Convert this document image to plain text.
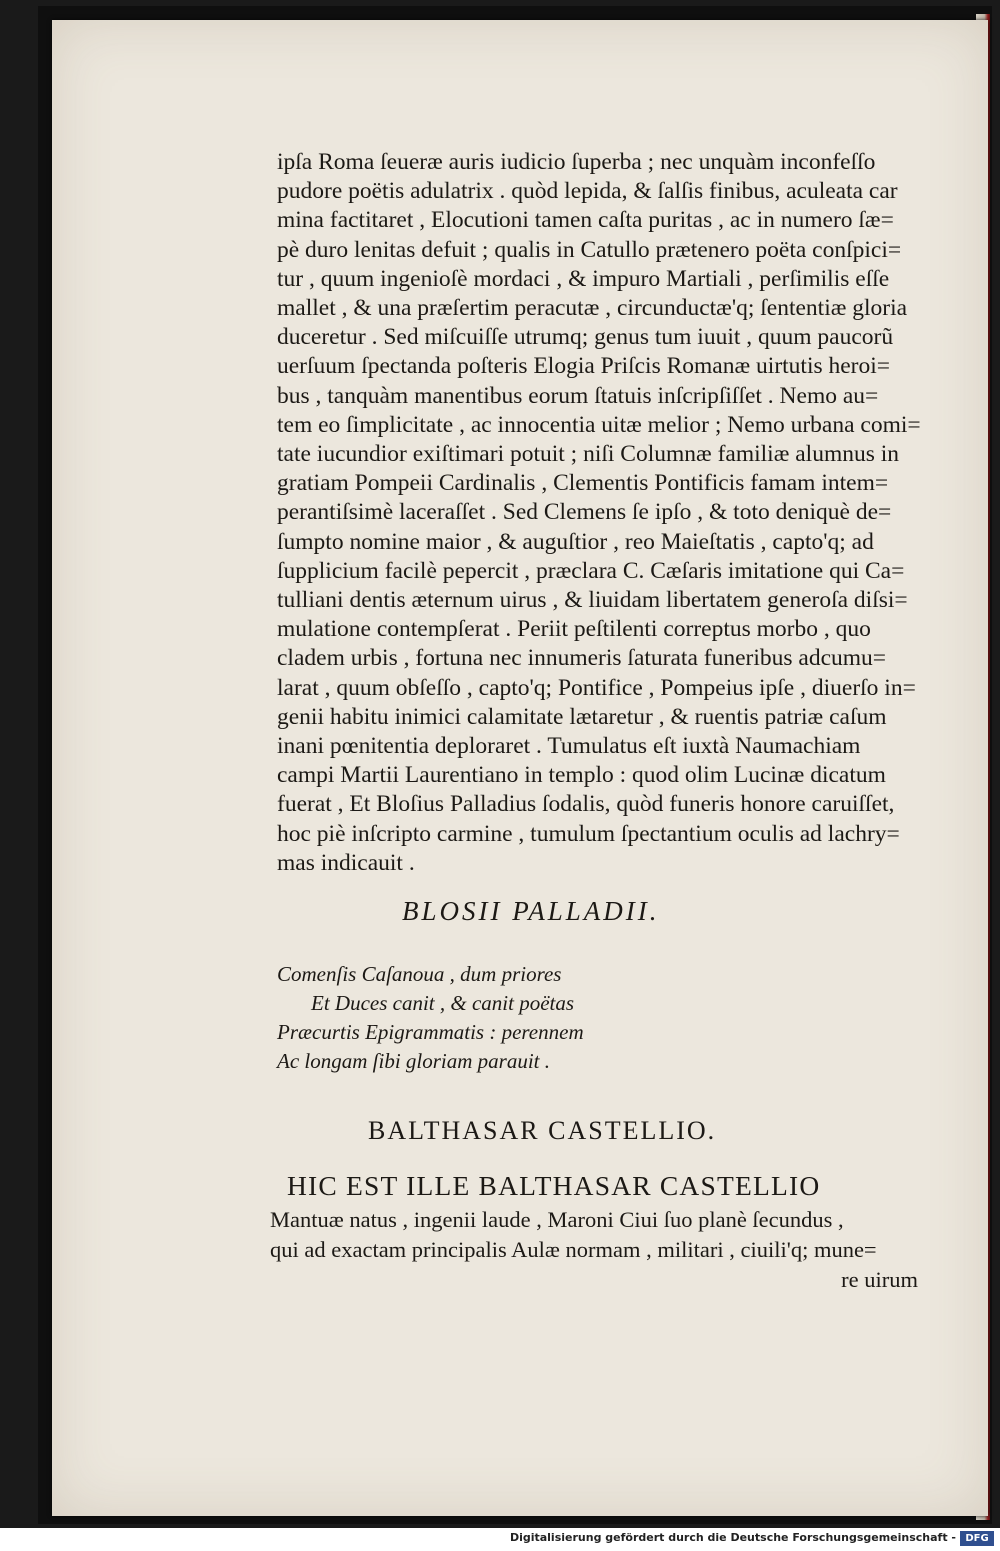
ipſa Roma ſeueræ auris iudicio ſuperba ; nec unquàm inconfeſſo
pudore poëtis adulatrix . quòd lepida, & ſalſis finibus, aculeata car
mina factitaret , Elocutioni tamen caſta puritas , ac in numero ſæ=
pè duro lenitas defuit ; qualis in Catullo prætenero poëta conſpici=
tur , quum ingenioſè mordaci , & impuro Martiali , perſimilis eſſe
mallet , & una præſertim peracutæ , circunductæ'q; ſententiæ gloria
duceretur . Sed miſcuiſſe utrumq; genus tum iuuit , quum paucorũ
uerſuum ſpectanda poſteris Elogia Priſcis Romanæ uirtutis heroi=
bus , tanquàm manentibus eorum ſtatuis inſcripſiſſet . Nemo au=
tem eo ſimplicitate , ac innocentia uitæ melior ; Nemo urbana comi=
tate iucundior exiſtimari potuit ; niſi Columnæ familiæ alumnus in
gratiam Pompeii Cardinalis , Clementis Pontificis famam intem=
perantiſsimè laceraſſet . Sed Clemens ſe ipſo , & toto deniquè de=
ſumpto nomine maior , & auguſtior , reo Maieſtatis , capto'q; ad
ſupplicium facilè pepercit , præclara C. Cæſaris imitatione qui Ca=
tulliani dentis æternum uirus , & liuidam libertatem generoſa diſsi=
mulatione contempſerat . Periit peſtilenti correptus morbo , quo
cladem urbis , fortuna nec innumeris ſaturata funeribus adcumu=
larat , quum obſeſſo , capto'q; Pontifice , Pompeius ipſe , diuerſo in=
genii habitu inimici calamitate lætaretur , & ruentis patriæ caſum
inani pœnitentia deploraret . Tumulatus eſt iuxtà Naumachiam
campi Martii Laurentiano in templo : quod olim Lucinæ dicatum
fuerat , Et Bloſius Palladius ſodalis, quòd funeris honore caruiſſet,
hoc piè inſcripto carmine , tumulum ſpectantium oculis ad lachry=
mas indicauit .
BLOSII PALLADII.
Comenſis Caſanoua , dum priores
Et Duces canit , & canit poëtas
Præcurtis Epigrammatis : perennem
Ac longam ſibi gloriam parauit .
BALTHASAR CASTELLIO.
HIC EST ILLE BALTHASAR CASTELLIO
Mantuæ natus , ingenii laude , Maroni Ciui ſuo planè ſecundus ,
qui ad exactam principalis Aulæ normam , militari , ciuili'q; mune=
re uirum
Digitalisierung gefördert durch die Deutsche Forschungsgemeinschaft - DFG
